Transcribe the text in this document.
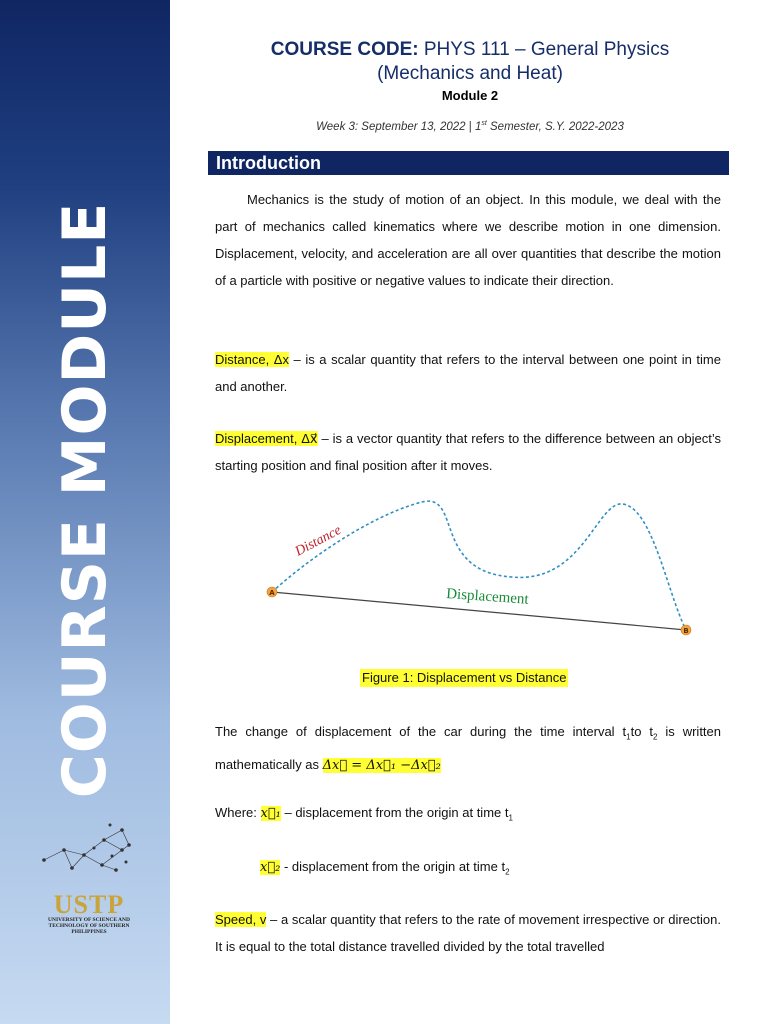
COURSE MODULE
USTP
UNIVERSITY OF SCIENCE AND TECHNOLOGY OF SOUTHERN PHILIPPINES
COURSE CODE: PHYS 111 – General Physics
(Mechanics and Heat)
Module 2
Week 3: September 13, 2022 | 1st Semester, S.Y. 2022-2023
Introduction
Mechanics is the study of motion of an object. In this module, we deal with the part of mechanics called kinematics where we describe motion in one dimension. Displacement, velocity, and acceleration are all over quantities that describe the motion of a particle with positive or negative values to indicate their direction.
Distance, Δx – is a scalar quantity that refers to the interval between one point in time and another.
Displacement, Δx⃗ – is a vector quantity that refers to the difference between an object’s starting position and final position after it moves.
Distance
Displacement
A
B
Figure 1: Displacement vs Distance
The change of displacement of the car during the time interval $t_1to$ $t_2$ is written mathematically as Δx⃗ = Δx⃗₁ −Δx⃗₂
Where: x⃗₁ – displacement from the origin at time $t_1$
x⃗₂ - displacement from the origin at time $t_2$
Speed, v – a scalar quantity that refers to the rate of movement irrespective or direction. It is equal to the total distance travelled divided by the total travelled
